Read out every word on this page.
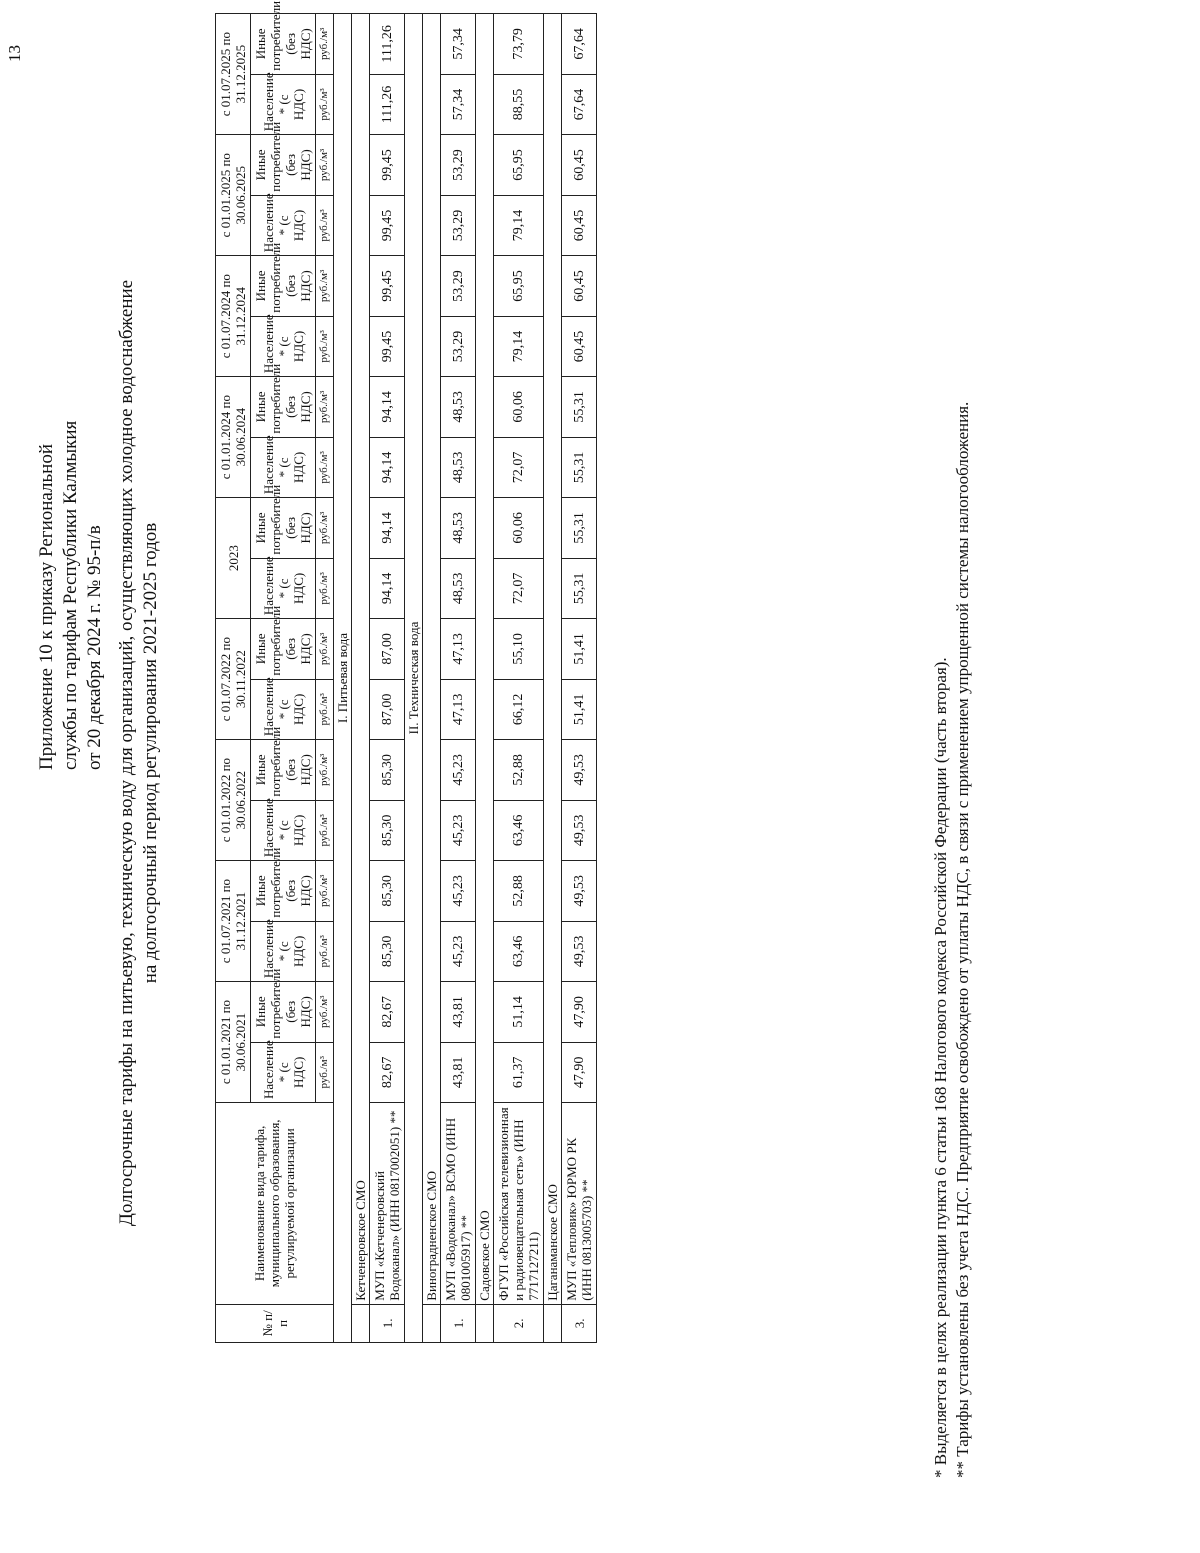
13
Приложение 10 к приказу Региональной службы по тарифам Республики Калмыкия от 20 декабря 2024 г. № 95-п/в Долгосрочные тарифы на питьевую, техническую воду для организаций, осуществляющих холодное водоснабжение на долгосрочный период регулирования 2021-2025 годов
№ п/п	Наименование вида тарифа, муниципального образования, регулируемой организации	с 01.01.2021 по 30.06.2021		с 01.07.2021 по 31.12.2021		с 01.01.2022 по 30.06.2022		с 01.07.2022 по 30.11.2022		2023		с 01.01.2024 по 30.06.2024		с 01.07.2024 по 31.12.2024		с 01.01.2025 по 30.06.2025		с 01.07.2025 по 31.12.2025	
		Население * (с НДС)	Иные потребители (без НДС)	Население * (с НДС)	Иные потребители (без НДС)	Население * (с НДС)	Иные потребители (без НДС)	Население * (с НДС)	Иные потребители (без НДС)	Население * (с НДС)	Иные потребители (без НДС)	Население * (с НДС)	Иные потребители (без НДС)	Население * (с НДС)	Иные потребители (без НДС)	Население * (с НДС)	Иные потребители (без НДС)	Население * (с НДС)	Иные потребители (без НДС)
		руб./м³	руб./м³	руб./м³	руб./м³	руб./м³	руб./м³	руб./м³	руб./м³	руб./м³	руб./м³	руб./м³	руб./м³	руб./м³	руб./м³	руб./м³	руб./м³	руб./м³	руб./м³
I. Питьевая вода																			
	Кетченеровское СМО																		
1.	МУП «Кетченеровский Водоканал» (ИНН 0817002051) **	82,67	82,67	85,30	85,30	85,30	85,30	87,00	87,00	94,14	94,14	94,14	94,14	99,45	99,45	99,45	99,45	111,26	111,26
II. Техническая вода																			
	Виноградненское СМО																		
1.	МУП «Водоканал» ВСМО (ИНН 0801005917) **	43,81	43,81	45,23	45,23	45,23	45,23	47,13	47,13	48,53	48,53	48,53	48,53	53,29	53,29	53,29	53,29	57,34	57,34
	Садовское СМО																		
2.	ФГУП «Российская телевизионная и радиовещательная сеть» (ИНН 7717127211)	61,37	51,14	63,46	52,88	63,46	52,88	66,12	55,10	72,07	60,06	72,07	60,06	79,14	65,95	79,14	65,95	88,55	73,79
	Цаганаманское СМО																		
3.	МУП «Тепловик» ЮРМО РК (ИНН 0813005703) **	47,90	47,90	49,53	49,53	49,53	49,53	51,41	51,41	55,31	55,31	55,31	55,31	60,45	60,45	60,45	60,45	67,64	67,64
* Выделяется в целях реализации пункта 6 статьи 168 Налогового кодекса Российской Федерации (часть вторая). ** Тарифы установлены без учета НДС. Предприятие освобождено от уплаты НДС, в связи с применением упрощенной системы налогообложения.
